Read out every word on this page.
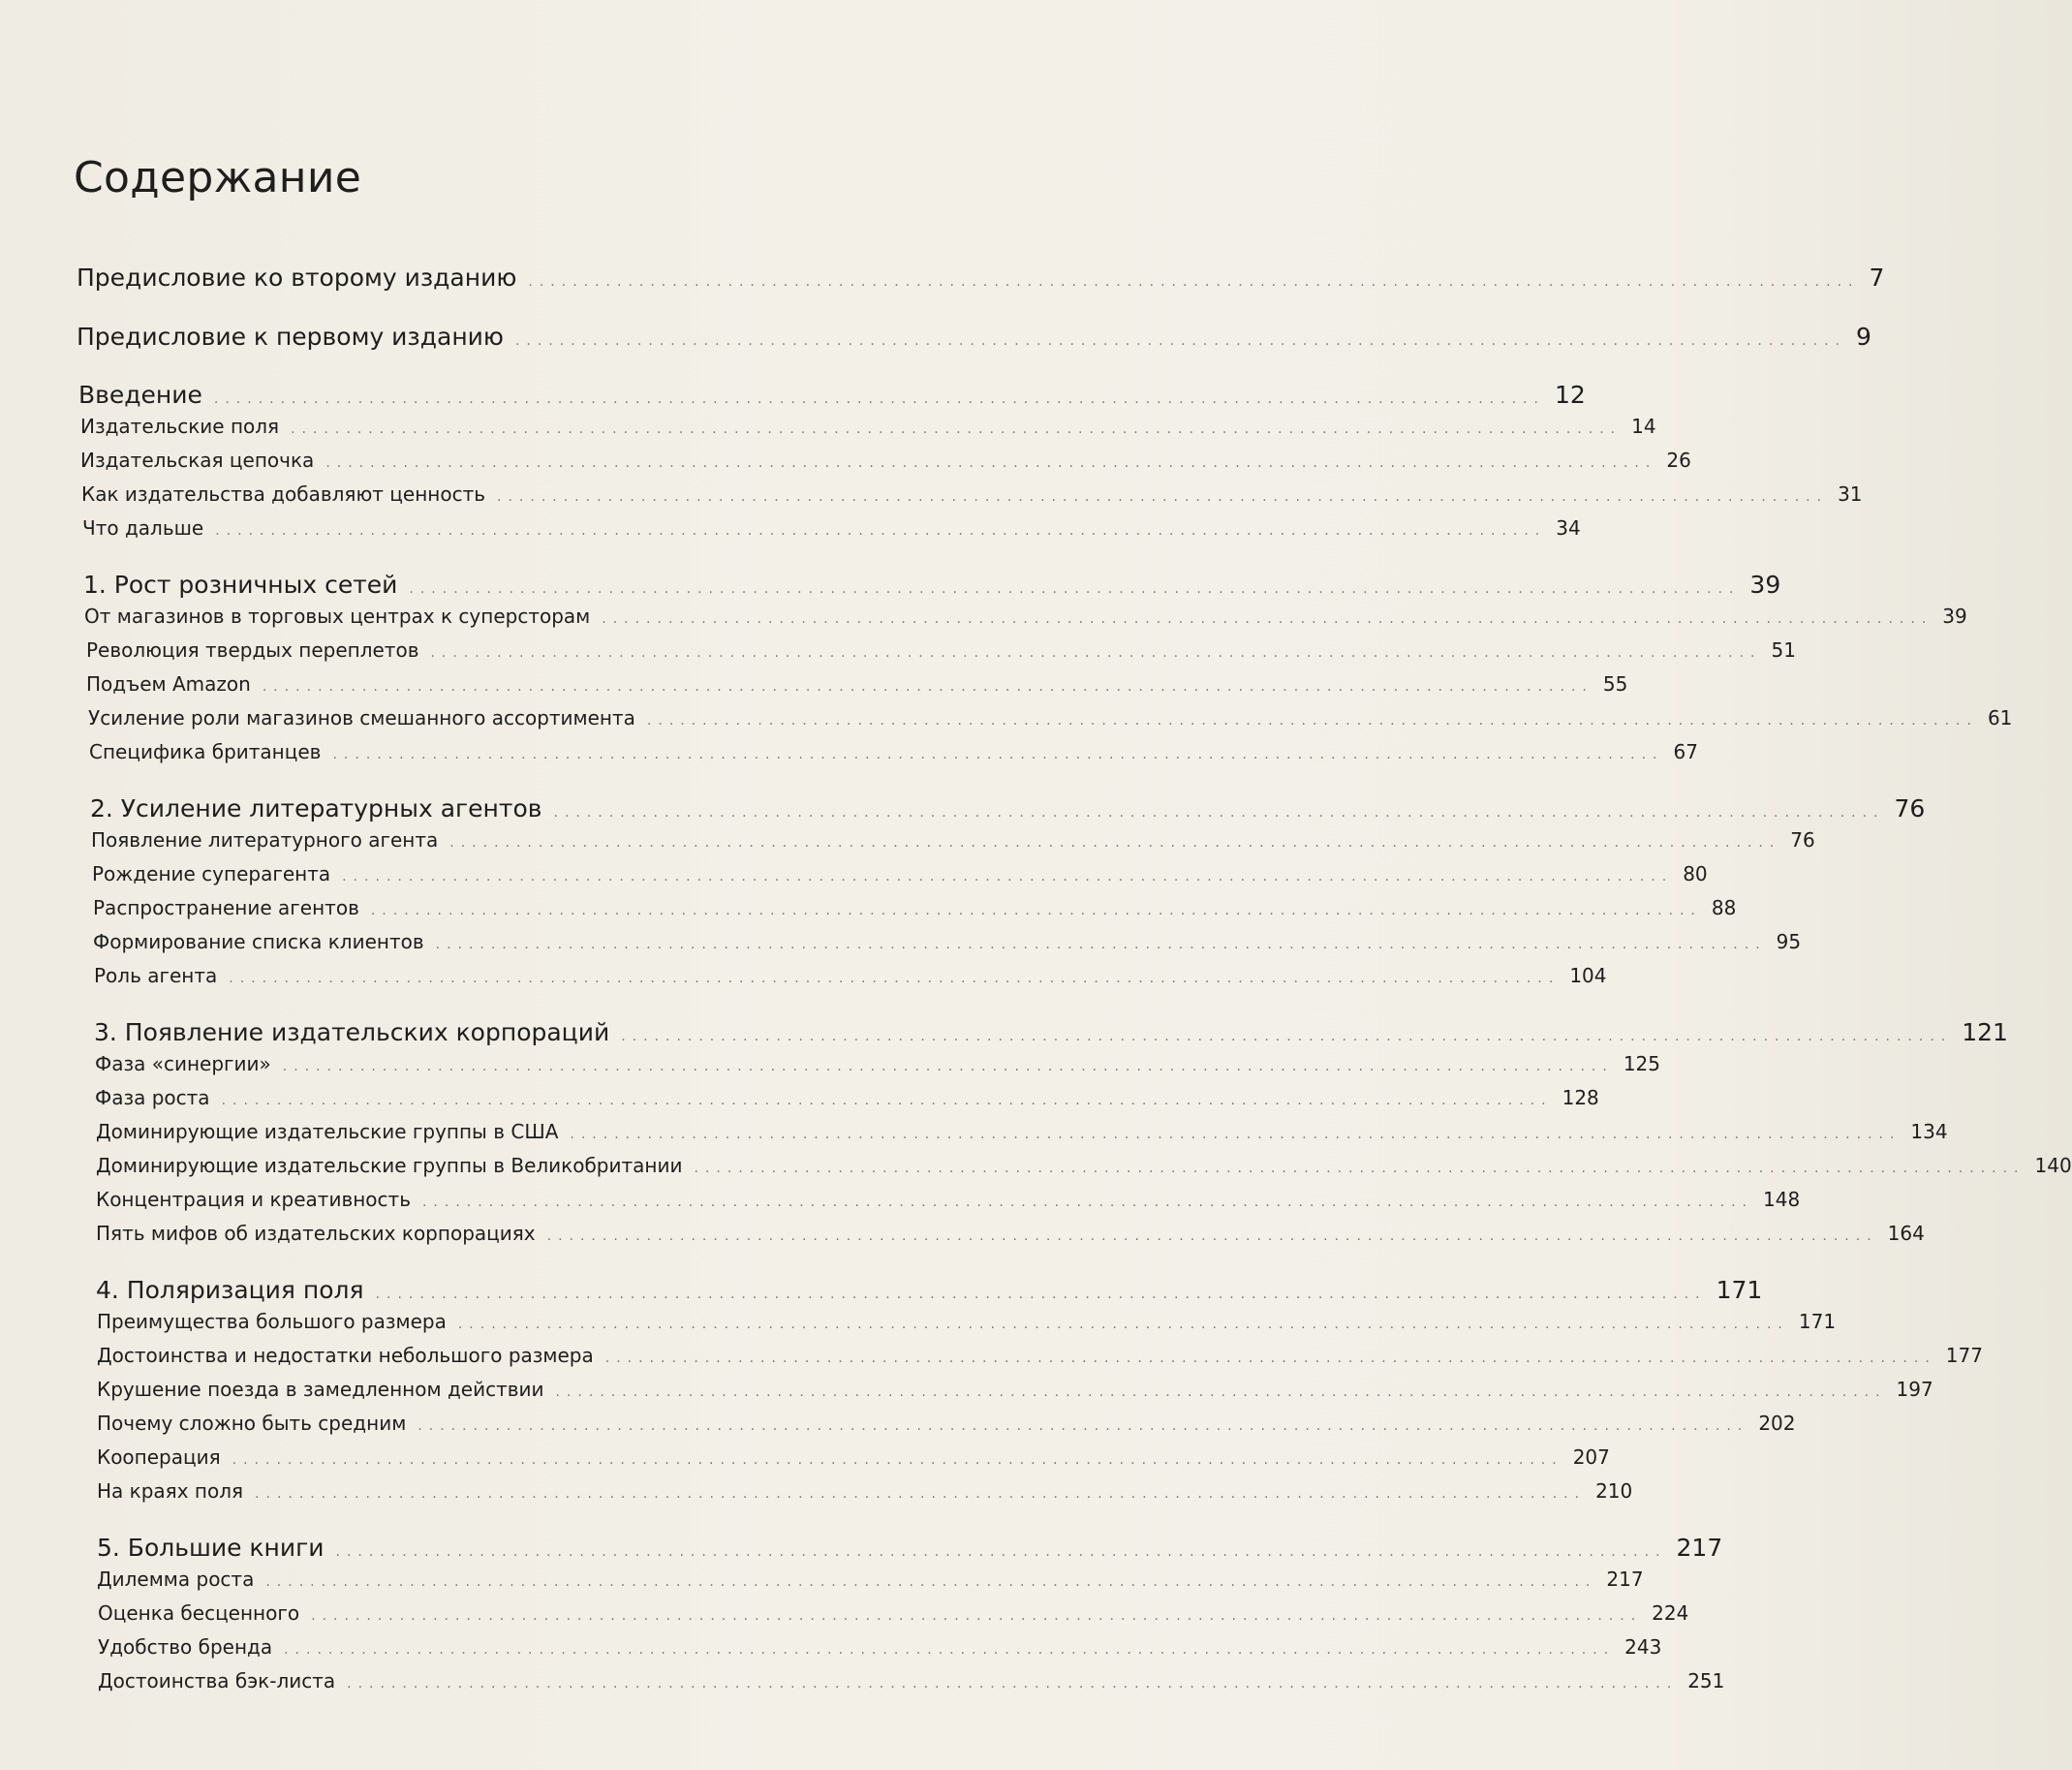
Содержание
Предисловие ко второму изданию ........................................................................................................................ 7
Предисловие к первому изданию ........................................................................................................................ 9
Введение ........................................................................................................................ 12
Издательские поля ........................................................................................................................ 14
Издательская цепочка ........................................................................................................................ 26
Как издательства добавляют ценность ........................................................................................................................ 31
Что дальше ........................................................................................................................ 34
1. Рост розничных сетей ........................................................................................................................ 39
От магазинов в торговых центрах к суперсторам ........................................................................................................................ 39
Революция твердых переплетов ........................................................................................................................ 51
Подъем Amazon ........................................................................................................................ 55
Усиление роли магазинов смешанного ассортимента ........................................................................................................................ 61
Специфика британцев ........................................................................................................................ 67
2. Усиление литературных агентов ........................................................................................................................ 76
Появление литературного агента ........................................................................................................................ 76
Рождение суперагента ........................................................................................................................ 80
Распространение агентов ........................................................................................................................ 88
Формирование списка клиентов ........................................................................................................................ 95
Роль агента ........................................................................................................................ 104
3. Появление издательских корпораций ........................................................................................................................ 121
Фаза «синергии» ........................................................................................................................ 125
Фаза роста ........................................................................................................................ 128
Доминирующие издательские группы в США ........................................................................................................................ 134
Доминирующие издательские группы в Великобритании ........................................................................................................................ 140
Концентрация и креативность ........................................................................................................................ 148
Пять мифов об издательских корпорациях ........................................................................................................................ 164
4. Поляризация поля ........................................................................................................................ 171
Преимущества большого размера ........................................................................................................................ 171
Достоинства и недостатки небольшого размера ........................................................................................................................ 177
Крушение поезда в замедленном действии ........................................................................................................................ 197
Почему сложно быть средним ........................................................................................................................ 202
Кооперация ........................................................................................................................ 207
На краях поля ........................................................................................................................ 210
5. Большие книги ........................................................................................................................ 217
Дилемма роста ........................................................................................................................ 217
Оценка бесценного ........................................................................................................................ 224
Удобство бренда ........................................................................................................................ 243
Достоинства бэк-листа ........................................................................................................................ 251
